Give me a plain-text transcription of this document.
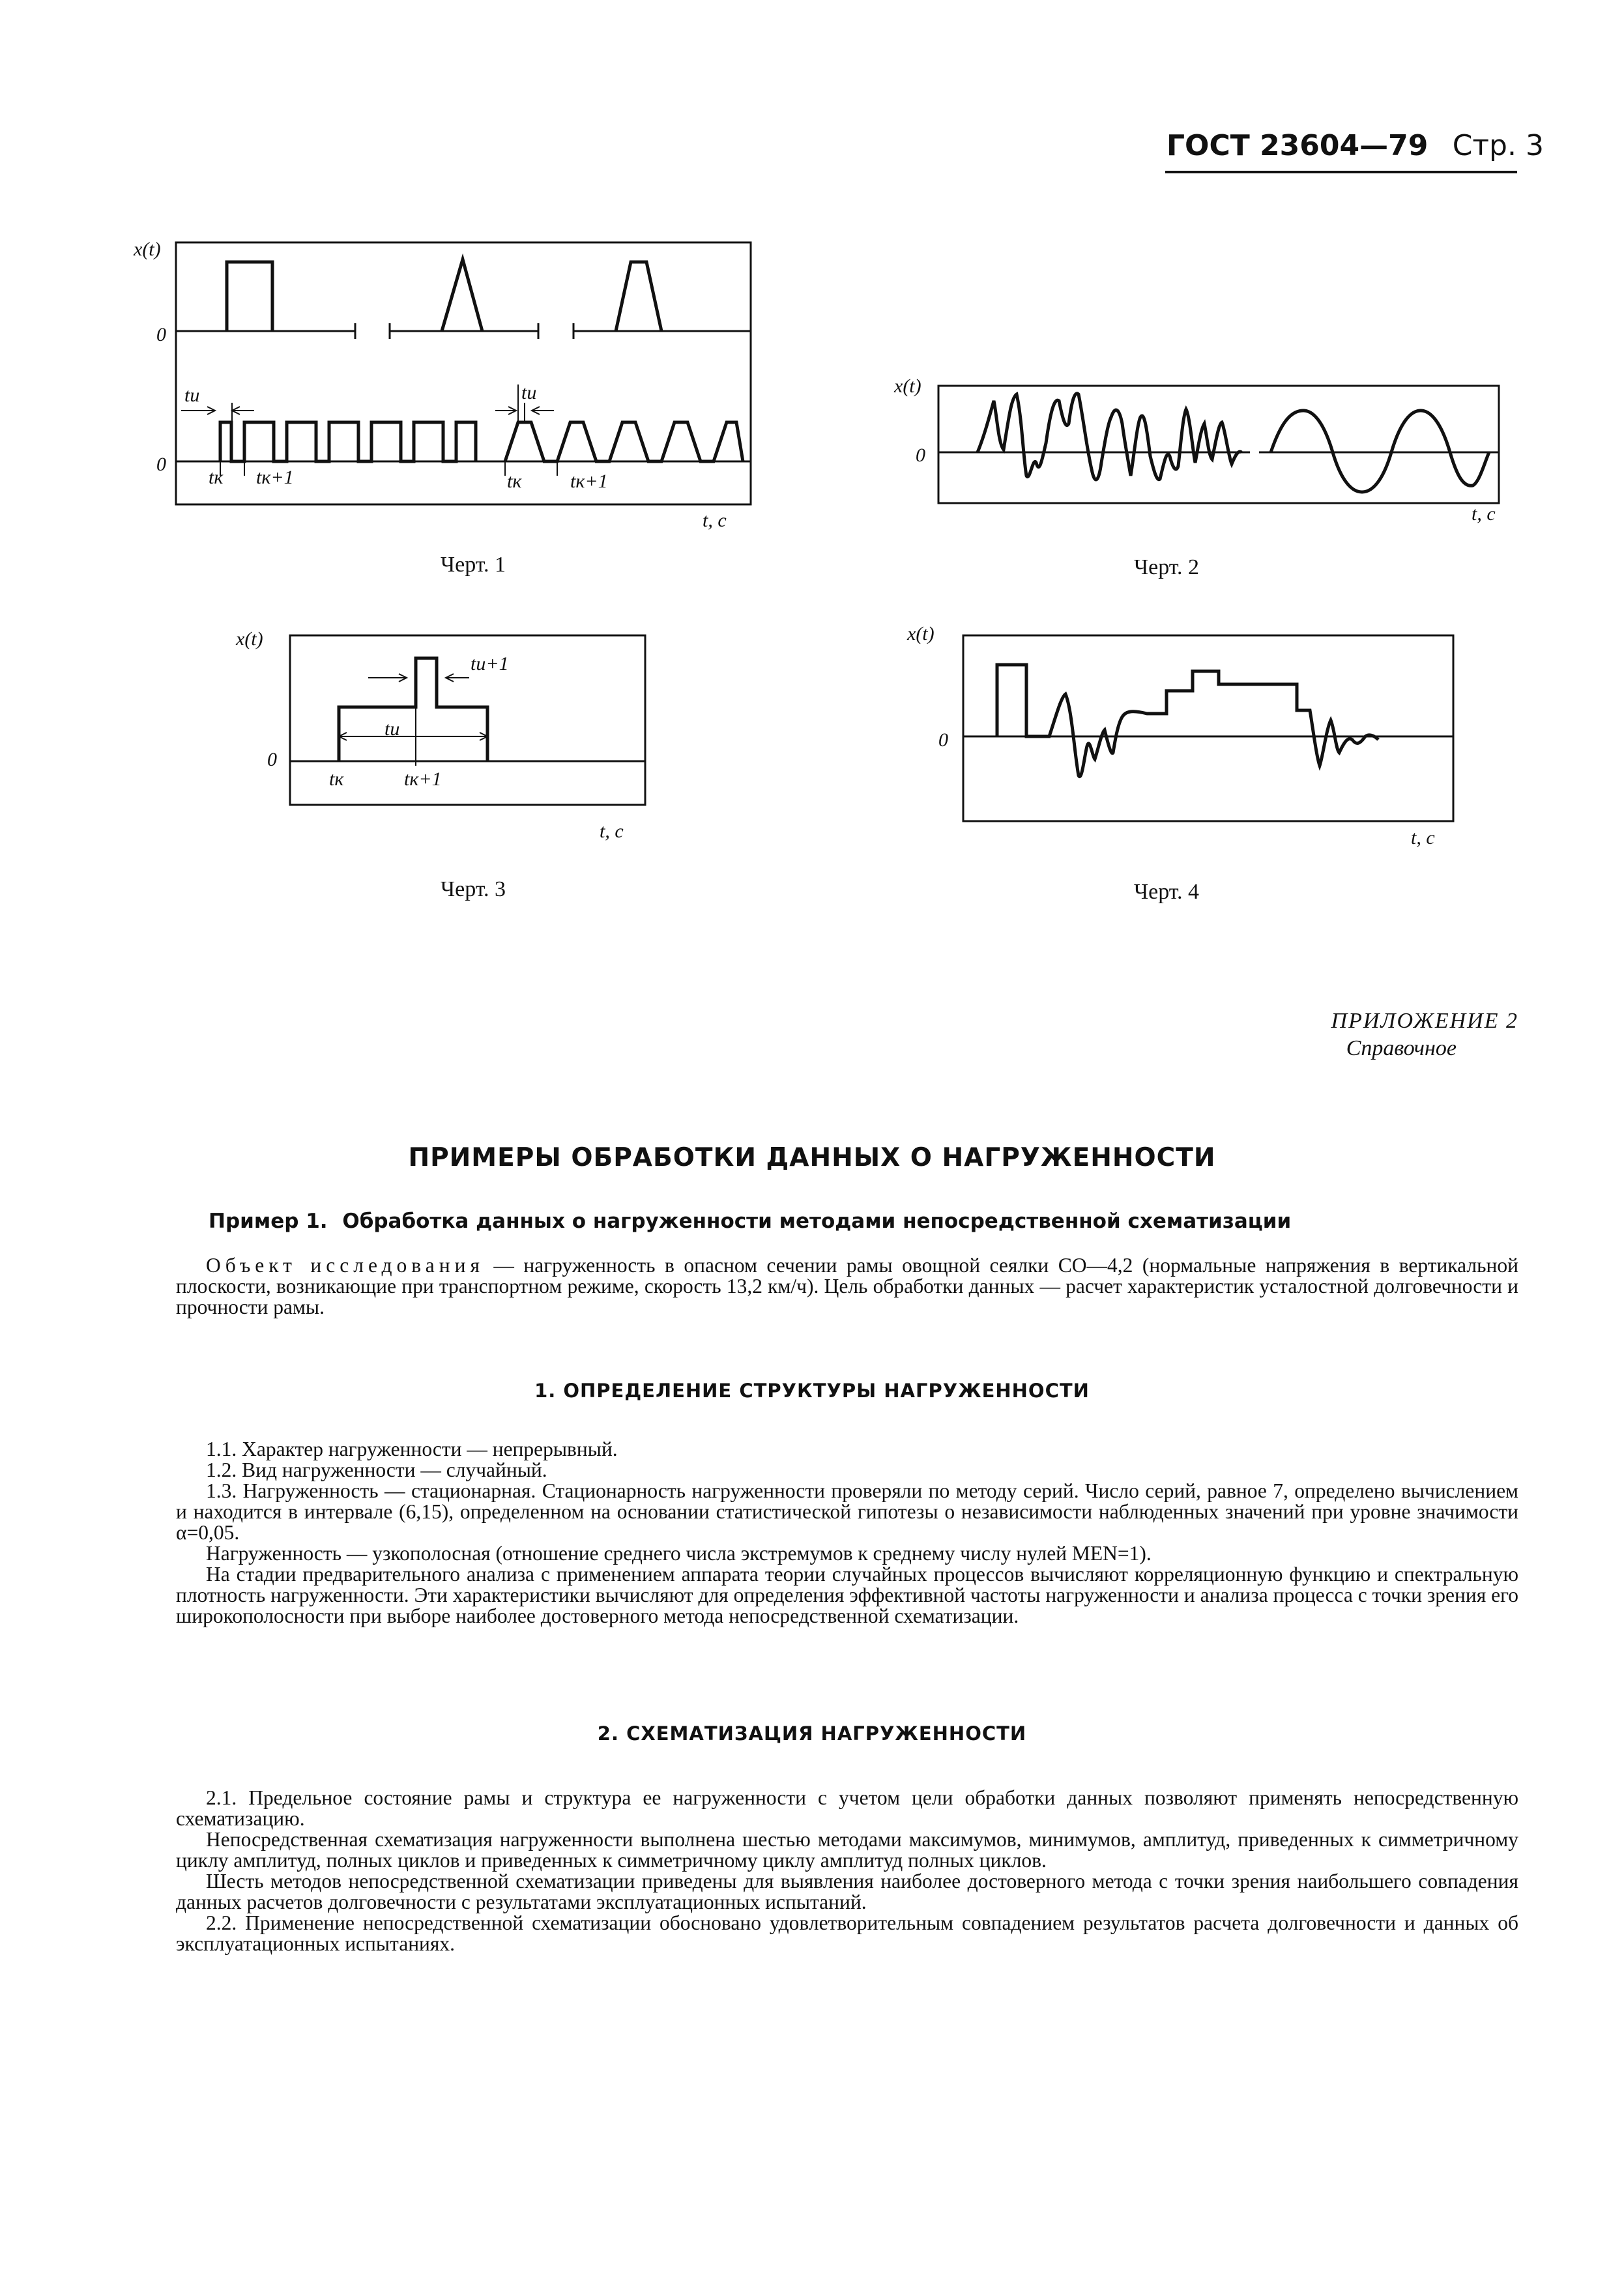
ГОСТ 23604—79 Стр. 3
x(t)
0
0
tu	tu
tк tк+1	tк tк+1
t, с
x(t)
0
t, с
x(t)
0
tu
tu+1
tк	tк+1
t, с
x(t)
0
t, с
Черт. 1	Черт. 2
Черт. 3	Черт. 4
ПРИЛОЖЕНИЕ 2
Справочное
ПРИМЕРЫ ОБРАБОТКИ ДАННЫХ О НАГРУЖЕННОСТИ
Пример 1. Обработка данных о нагруженности методами непосредственной схематизации

Объект исследования — нагруженность в опасном сечении рамы овощной сеялки СО—4,2 (нормальные напряжения в вертикальной плоскости, возникающие при транспортном режиме, скорость 13,2 км/ч). Цель обработки данных — расчет характеристик усталостной долговечности и прочности рамы.

1. ОПРЕДЕЛЕНИЕ СТРУКТУРЫ НАГРУЖЕННОСТИ

1.1. Характер нагруженности — непрерывный.

1.2. Вид нагруженности — случайный.

1.3. Нагруженность — стационарная. Стационарность нагруженности проверяли по методу серий. Число серий, равное 7, определено вычислением и находится в интервале (6,15), определенном на основании статистической гипотезы о независимости наблюденных значений при уровне значимости α=0,05.

Нагруженность — узкополосная (отношение среднего числа экстремумов к среднему числу нулей MEN=1).

На стадии предварительного анализа с применением аппарата теории случайных процессов вычисляют корреляционную функцию и спектральную плотность нагруженности. Эти характеристики вычисляют для определения эффективной частоты нагруженности и анализа процесса с точки зрения его широкополосности при выборе наиболее достоверного метода непосредственной схематизации.

2. СХЕМАТИЗАЦИЯ НАГРУЖЕННОСТИ

2.1. Предельное состояние рамы и структура ее нагруженности с учетом цели обработки данных позволяют применять непосредственную схематизацию.

Непосредственная схематизация нагруженности выполнена шестью методами максимумов, минимумов, амплитуд, приведенных к симметричному циклу амплитуд, полных циклов и приведенных к симметричному циклу амплитуд полных циклов.

Шесть методов непосредственной схематизации приведены для выявления наиболее достоверного метода с точки зрения наибольшего совпадения данных расчетов долговечности с результатами эксплуатационных испытаний.

2.2. Применение непосредственной схематизации обосновано удовлетворительным совпадением результатов расчета долговечности и данных об эксплуатационных испытаниях.
